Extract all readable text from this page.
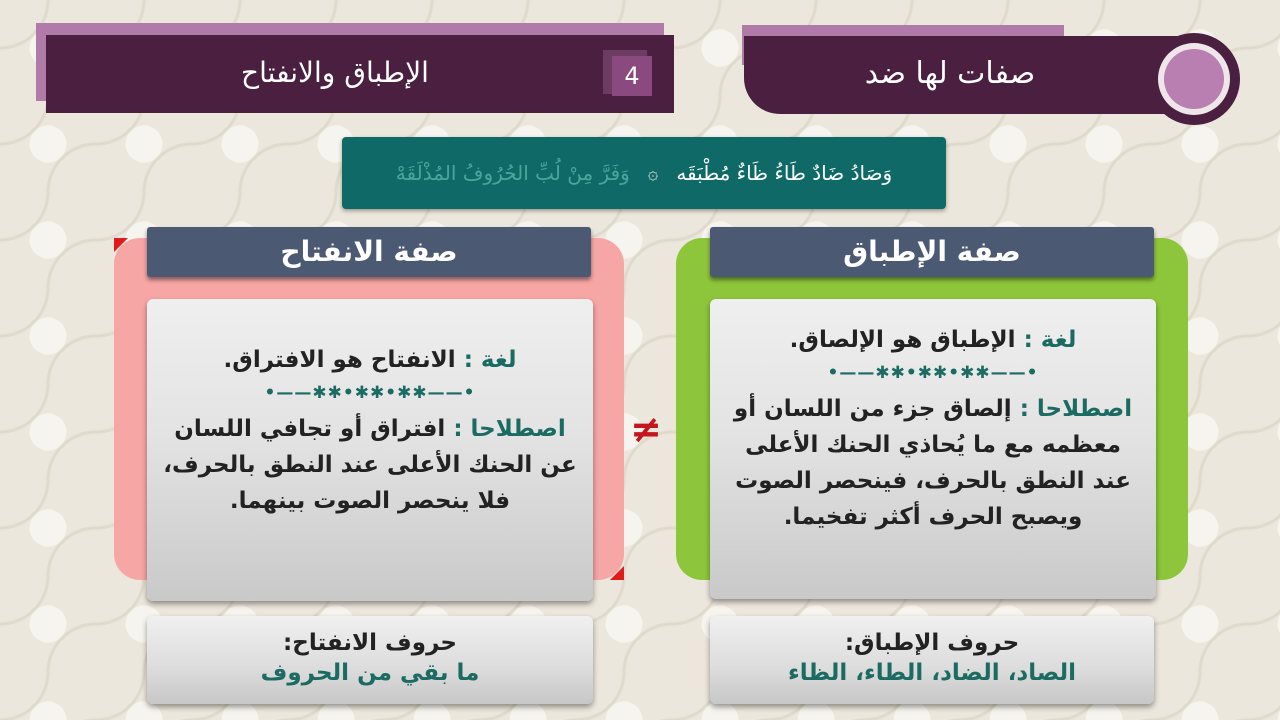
الإطباق والانفتاح	4	صفات لها ضد
وَصَادُ ضَادٌ طَاءُ ظَاءٌ مُطْبَقَه
۞
وَفَرَّ مِنْ لُبِّ الحُرُوفُ المُذْلَقَهْ
صفة الإطباق
صفة الانفتاح
لغة : الإطباق هو الإلصاق.
•——✱✱•✱✱•✱✱——•
اصطلاحا : إلصاق جزء من اللسان أو معظمه مع ما يُحاذي الحنك الأعلى عند النطق بالحرف، فينحصر الصوت ويصبح الحرف أكثر تفخيما.
لغة : الانفتاح هو الافتراق.
•——✱✱•✱✱•✱✱——•
اصطلاحا : افتراق أو تجافي اللسان عن الحنك الأعلى عند النطق بالحرف، فلا ينحصر الصوت بينهما.
≠
حروف الإطباق:
الصاد، الضاد، الطاء، الظاء
حروف الانفتاح:
ما بقي من الحروف
